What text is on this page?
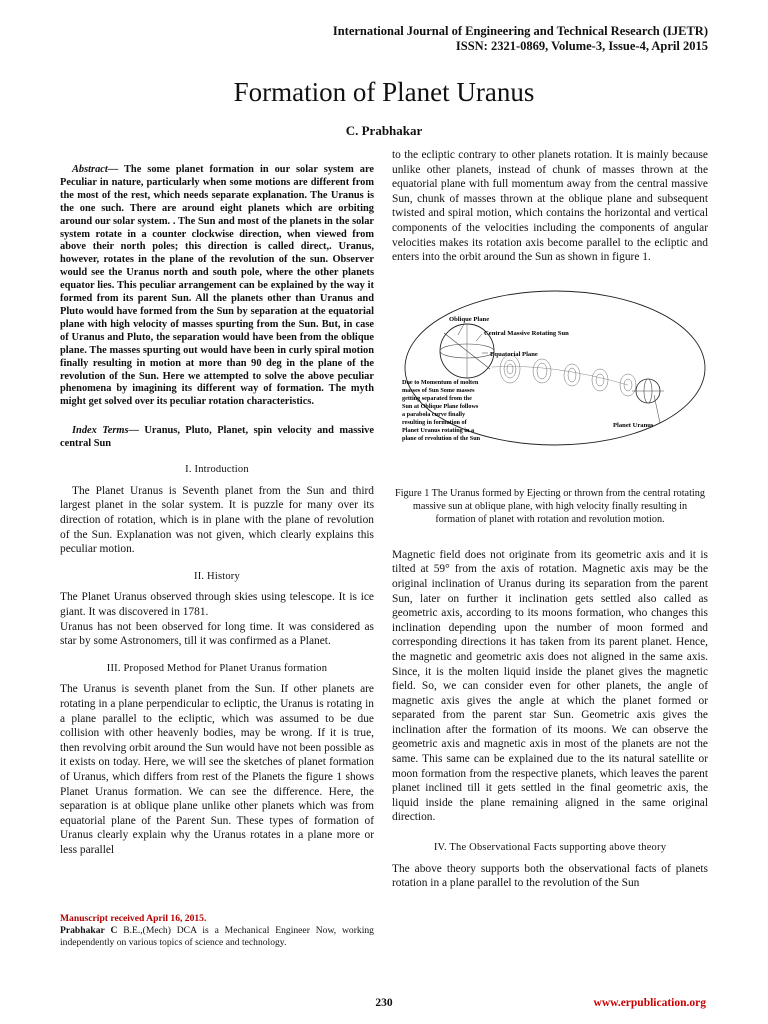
International Journal of Engineering and Technical Research (IJETR)
ISSN: 2321-0869, Volume-3, Issue-4, April 2015
Formation of Planet Uranus
C. Prabhakar

Abstract— The some planet formation in our solar system are Peculiar in nature, particularly when some motions are different from the most of the rest, which needs separate explanation. The Uranus is the one such. There are around eight planets which are orbiting around our solar system. . The Sun and most of the planets in the solar system rotate in a counter clockwise direction, when viewed from above their north poles; this direction is called direct,. Uranus, however, rotates in the plane of the revolution of the sun. Observer would see the Uranus north and south pole, where the other planets equator lies. This peculiar arrangement can be explained by the way it formed from its parent Sun. All the planets other than Uranus and Pluto would have formed from the Sun by separation at the equatorial plane with high velocity of masses spurting from the Sun. But, in case of Uranus and Pluto, the separation would have been from the oblique plane. The masses spurting out would have been in curly spiral motion finally resulting in motion at more than 90 deg in the plane of the revolution of the Sun. Here we attempted to solve the above peculiar phenomena by imagining its different way of formation. The myth might get solved over its peculiar rotation characteristics.

Index Terms— Uranus, Pluto, Planet, spin velocity and massive central Sun

I. Introduction

The Planet Uranus is Seventh planet from the Sun and third largest planet in the solar system. It is puzzle for many over its direction of rotation, which is in plane with the plane of revolution of the Sun. Explanation was not given, which clearly explains this peculiar motion.

II. History

The Planet Uranus observed through skies using telescope. It is ice giant. It was discovered in 1781.

Uranus has not been observed for long time. It was considered as star by some Astronomers, till it was confirmed as a Planet.

III. Proposed Method for Planet Uranus formation

The Uranus is seventh planet from the Sun. If other planets are rotating in a plane perpendicular to ecliptic, the Uranus is rotating in a plane parallel to the ecliptic, which was assumed to be due collision with other heavenly bodies, may be wrong. If it is true, then revolving orbit around the Sun would have not been possible as it exists on today. Here, we will see the sketches of planet formation of Uranus, which differs from rest of the Planets the figure 1 shows Planet Uranus formation. We can see the difference. Here, the separation is at oblique plane unlike other planets which was from equatorial plane of the Parent Sun. These types of formation of Uranus clearly explain why the Uranus rotates in a plane more or less parallel

to the ecliptic contrary to other planets rotation. It is mainly because unlike other planets, instead of chunk of masses thrown at the equatorial plane with full momentum away from the central massive Sun, chunk of masses thrown at the oblique plane and subsequent twisted and spiral motion, which contains the horizontal and vertical components of the velocities including the components of angular velocities makes its rotation axis become parallel to the ecliptic and enters into the orbit around the Sun as shown in figure 1.

Oblique Plane
Central Massive Rotating Sun
Equatorial Plane
Due to Momentum of molten
masses of Sun Some masses
getting separated from the
Sun at Oblique Plane follows
a parabola curve finally
resulting in formation of
Planet Uranus rotating in a
plane of revolution of the Sun
Planet Uranus

Figure 1 The Uranus formed by Ejecting or thrown from the central rotating massive sun at oblique plane, with high velocity finally resulting in formation of planet with rotation and revolution motion.

Magnetic field does not originate from its geometric axis and it is tilted at 59° from the axis of rotation. Magnetic axis may be the original inclination of Uranus during its separation from the parent Sun, later on further it inclination gets settled also called as geometric axis, according to its moons formation, who changes this inclination depending upon the number of moon formed and corresponding directions it has taken from its parent planet. Hence, the magnetic and geometric axis does not aligned in the same axis. Since, it is the molten liquid inside the planet gives the magnetic field. So, we can consider even for other planets, the angle of magnetic axis gives the angle at which the planet formed or separated from the parent star Sun. Geometric axis gives the inclination after the formation of its moons. We can observe the geometric axis and magnetic axis in most of the planets are not the same. This same can be explained due to the its natural satellite or moon formation from the respective planets, which leaves the parent planet inclined till it gets settled in the final geometric axis, the liquid inside the plane remaining aligned in the same original direction.

IV. The Observational Facts supporting above theory

The above theory supports both the observational facts of planets rotation in a plane parallel to the revolution of the Sun

Manuscript received April 16, 2015.
Prabhakar C B.E.,(Mech) DCA is a Mechanical Engineer Now, working independently on various topics of science and technology.
230	www.erpublication.org
